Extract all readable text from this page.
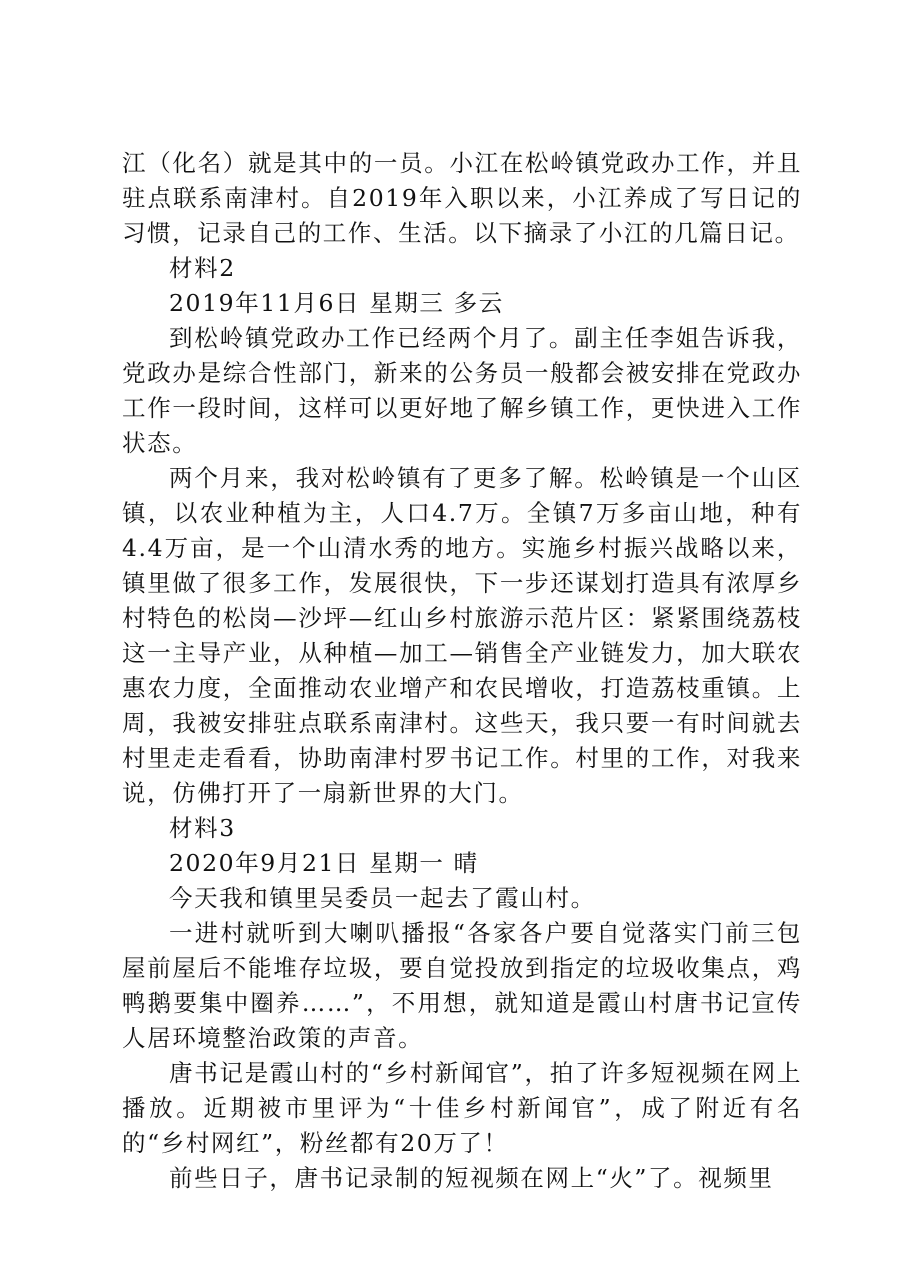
江（化名）就是其中的一员。小江在松岭镇党政办工作，并且驻点联系南津村。自2019年入职以来，小江养成了写日记的习惯，记录自己的工作、生活。以下摘录了小江的几篇日记。

材料2

2019年11月6日 星期三 多云

到松岭镇党政办工作已经两个月了。副主任李姐告诉我，党政办是综合性部门，新来的公务员一般都会被安排在党政办工作一段时间，这样可以更好地了解乡镇工作，更快进入工作状态。

两个月来，我对松岭镇有了更多了解。松岭镇是一个山区镇，以农业种植为主，人口4.7万。全镇7万多亩山地，种有4.4万亩，是一个山清水秀的地方。实施乡村振兴战略以来，镇里做了很多工作，发展很快，下一步还谋划打造具有浓厚乡村特色的松岗—沙坪—红山乡村旅游示范片区：紧紧围绕荔枝这一主导产业，从种植—加工—销售全产业链发力，加大联农惠农力度，全面推动农业增产和农民增收，打造荔枝重镇。上周，我被安排驻点联系南津村。这些天，我只要一有时间就去村里走走看看，协助南津村罗书记工作。村里的工作，对我来说，仿佛打开了一扇新世界的大门。

材料3

2020年9月21日 星期一 晴

今天我和镇里吴委员一起去了霞山村。

一进村就听到大喇叭播报“各家各户要自觉落实门前三包屋前屋后不能堆存垃圾，要自觉投放到指定的垃圾收集点，鸡鸭鹅要集中圈养……”，不用想，就知道是霞山村唐书记宣传人居环境整治政策的声音。

唐书记是霞山村的“乡村新闻官”，拍了许多短视频在网上播放。近期被市里评为“十佳乡村新闻官”，成了附近有名的“乡村网红”，粉丝都有20万了！

前些日子，唐书记录制的短视频在网上“火”了。视频里
